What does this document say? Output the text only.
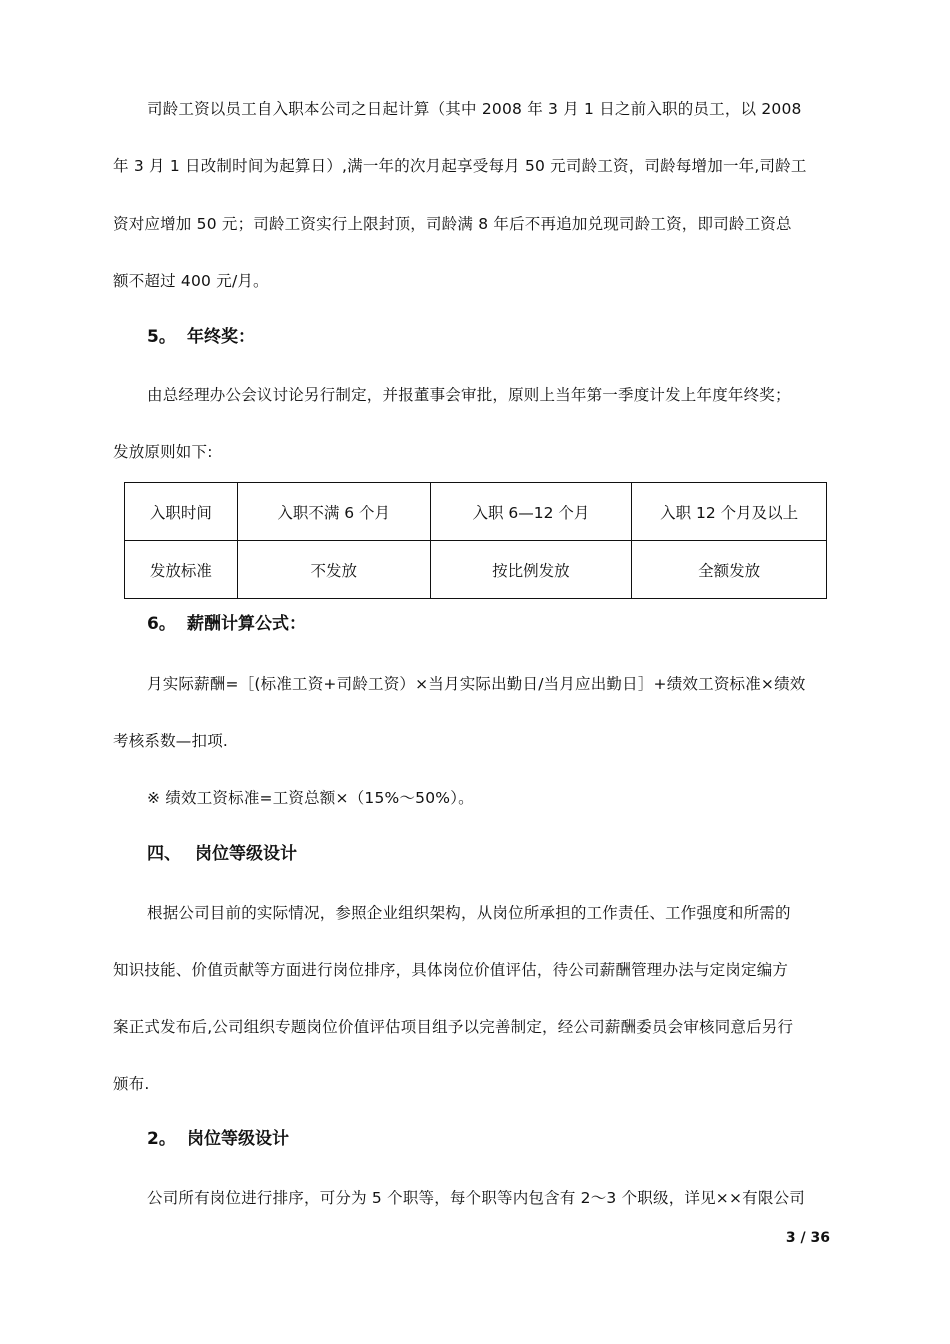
司龄工资以员工自入职本公司之日起计算（其中 2008 年 3 月 1 日之前入职的员工，以 2008
年 3 月 1 日改制时间为起算日）,满一年的次月起享受每月 50 元司龄工资，司龄每增加一年,司龄工
资对应增加 50 元；司龄工资实行上限封顶，司龄满 8 年后不再追加兑现司龄工资，即司龄工资总
额不超过 400 元/月。
5。 年终奖：
由总经理办公会议讨论另行制定，并报董事会审批，原则上当年第一季度计发上年度年终奖；
发放原则如下:
入职时间	入职不满 6 个月	入职 6—12 个月	入职 12 个月及以上
发放标准	不发放	按比例发放	全额发放
6。 薪酬计算公式：
月实际薪酬=［(标准工资+司龄工资）×当月实际出勤日/当月应出勤日］+绩效工资标准×绩效
考核系数—扣项.
※ 绩效工资标准=工资总额×（15%～50%）。
四、 岗位等级设计
根据公司目前的实际情况，参照企业组织架构，从岗位所承担的工作责任、工作强度和所需的
知识技能、价值贡献等方面进行岗位排序，具体岗位价值评估，待公司薪酬管理办法与定岗定编方
案正式发布后,公司组织专题岗位价值评估项目组予以完善制定，经公司薪酬委员会审核同意后另行
颁布.
2。 岗位等级设计
公司所有岗位进行排序，可分为 5 个职等，每个职等内包含有 2～3 个职级，详见××有限公司
3 / 36
